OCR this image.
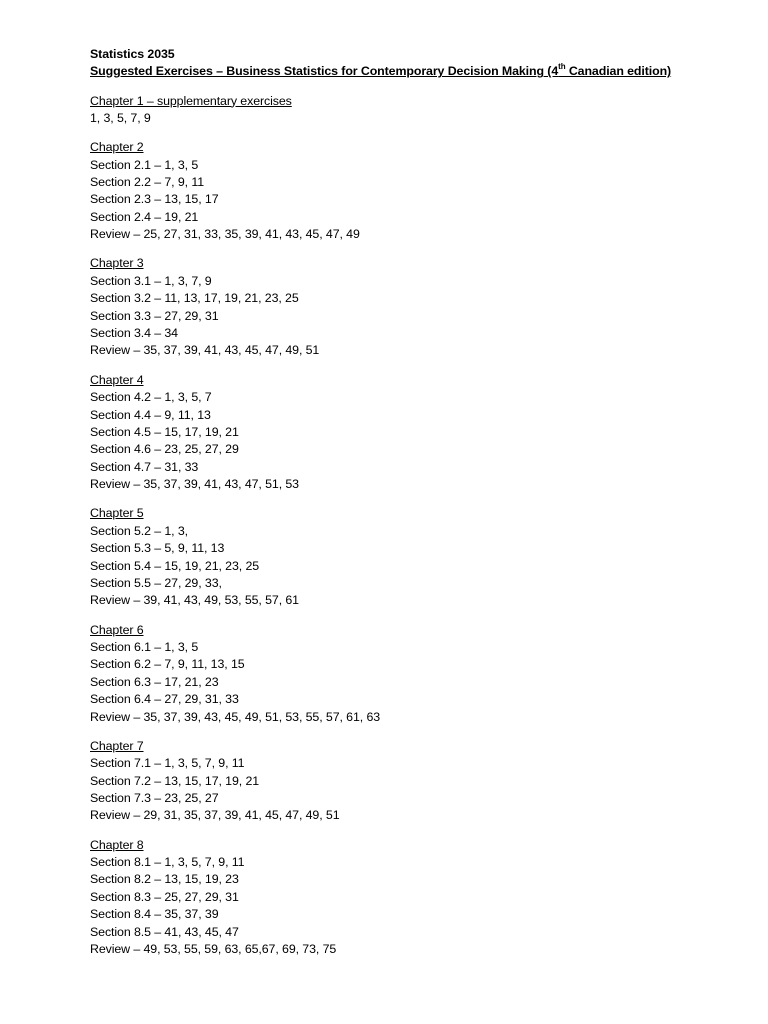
Statistics 2035
Suggested Exercises – Business Statistics for Contemporary Decision Making (4th Canadian edition)
Chapter 1 – supplementary exercises
1, 3, 5, 7, 9
Chapter 2
Section 2.1 – 1, 3, 5
Section 2.2 – 7, 9, 11
Section 2.3 – 13, 15, 17
Section 2.4 – 19, 21
Review – 25, 27, 31, 33, 35, 39, 41, 43, 45, 47, 49
Chapter 3
Section 3.1 – 1, 3, 7, 9
Section 3.2 – 11, 13, 17, 19, 21, 23, 25
Section 3.3 – 27, 29, 31
Section 3.4 – 34
Review – 35, 37, 39, 41, 43, 45, 47, 49, 51
Chapter 4
Section 4.2 – 1, 3, 5, 7
Section 4.4 – 9, 11, 13
Section 4.5 – 15, 17, 19, 21
Section 4.6 – 23, 25, 27, 29
Section 4.7 – 31, 33
Review – 35, 37, 39, 41, 43, 47, 51, 53
Chapter 5
Section 5.2 – 1, 3,
Section 5.3 – 5, 9, 11, 13
Section 5.4 – 15, 19, 21, 23, 25
Section 5.5 – 27, 29, 33,
Review – 39, 41, 43, 49, 53, 55, 57, 61
Chapter 6
Section 6.1 – 1, 3, 5
Section 6.2 – 7, 9, 11, 13, 15
Section 6.3 – 17, 21, 23
Section 6.4 – 27, 29, 31, 33
Review – 35, 37, 39, 43, 45, 49, 51, 53, 55, 57, 61, 63
Chapter 7
Section 7.1 – 1, 3, 5, 7, 9, 11
Section 7.2 – 13, 15, 17, 19, 21
Section 7.3 – 23, 25, 27
Review – 29, 31, 35, 37, 39, 41, 45, 47, 49, 51
Chapter 8
Section 8.1 – 1, 3, 5, 7, 9, 11
Section 8.2 – 13, 15, 19, 23
Section 8.3 – 25, 27, 29, 31
Section 8.4 – 35, 37, 39
Section 8.5 – 41, 43, 45, 47
Review – 49, 53, 55, 59, 63, 65,67, 69, 73, 75
